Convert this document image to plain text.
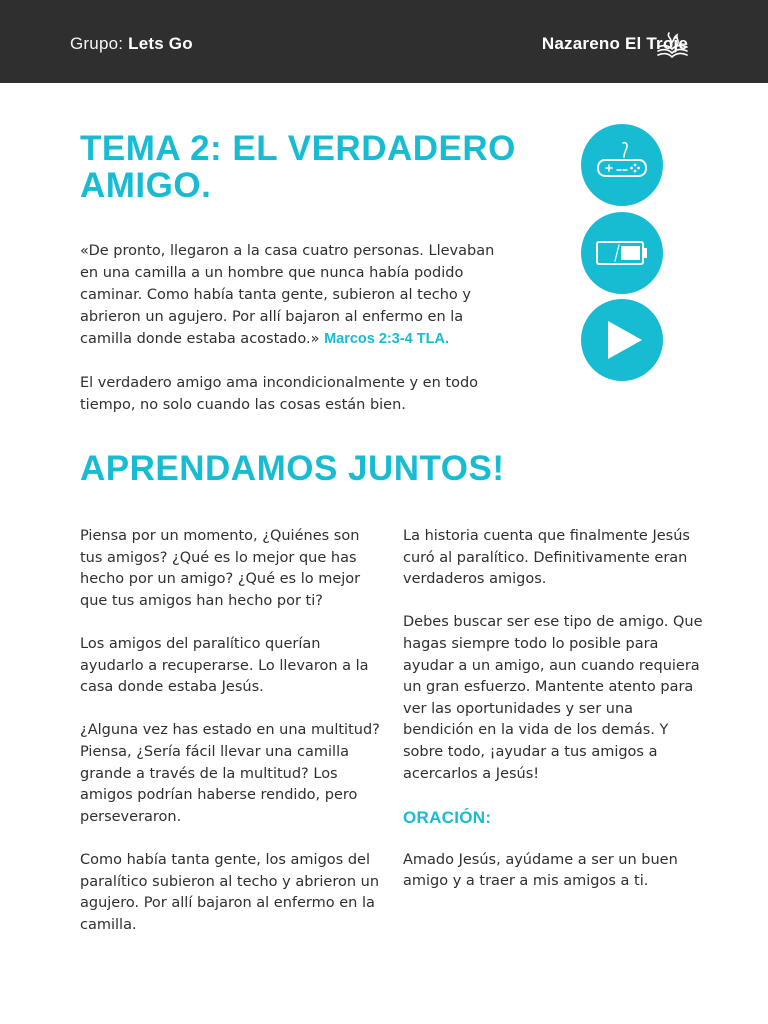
Grupo: Lets Go	Nazareno El Troje
TEMA 2: EL VERDADERO AMIGO.

«De pronto, llegaron a la casa cuatro personas. Llevaban en una camilla a un hombre que nunca había podido caminar. Como había tanta gente, subieron al techo y abrieron un agujero. Por allí bajaron al enfermo en la camilla donde estaba acostado.» Marcos 2:3-4 TLA.

El verdadero amigo ama incondicionalmente y en todo tiempo, no solo cuando las cosas están bien.

APRENDAMOS JUNTOS!

Piensa por un momento, ¿Quiénes son tus amigos? ¿Qué es lo mejor que has hecho por un amigo? ¿Qué es lo mejor que tus amigos han hecho por ti?

Los amigos del paralítico querían ayudarlo a recuperarse. Lo llevaron a la casa donde estaba Jesús.

¿Alguna vez has estado en una multitud? Piensa, ¿Sería fácil llevar una camilla grande a través de la multitud? Los amigos podrían haberse rendido, pero perseveraron.

Como había tanta gente, los amigos del paralítico subieron al techo y abrieron un agujero. Por allí bajaron al enfermo en la camilla.

La historia cuenta que finalmente Jesús curó al paralítico. Definitivamente eran verdaderos amigos.

Debes buscar ser ese tipo de amigo. Que hagas siempre todo lo posible para ayudar a un amigo, aun cuando requiera un gran esfuerzo. Mantente atento para ver las oportunidades y ser una bendición en la vida de los demás. Y sobre todo, ¡ayudar a tus amigos a acercarlos a Jesús!

ORACIÓN:

Amado Jesús, ayúdame a ser un buen amigo y a traer a mis amigos a ti.
